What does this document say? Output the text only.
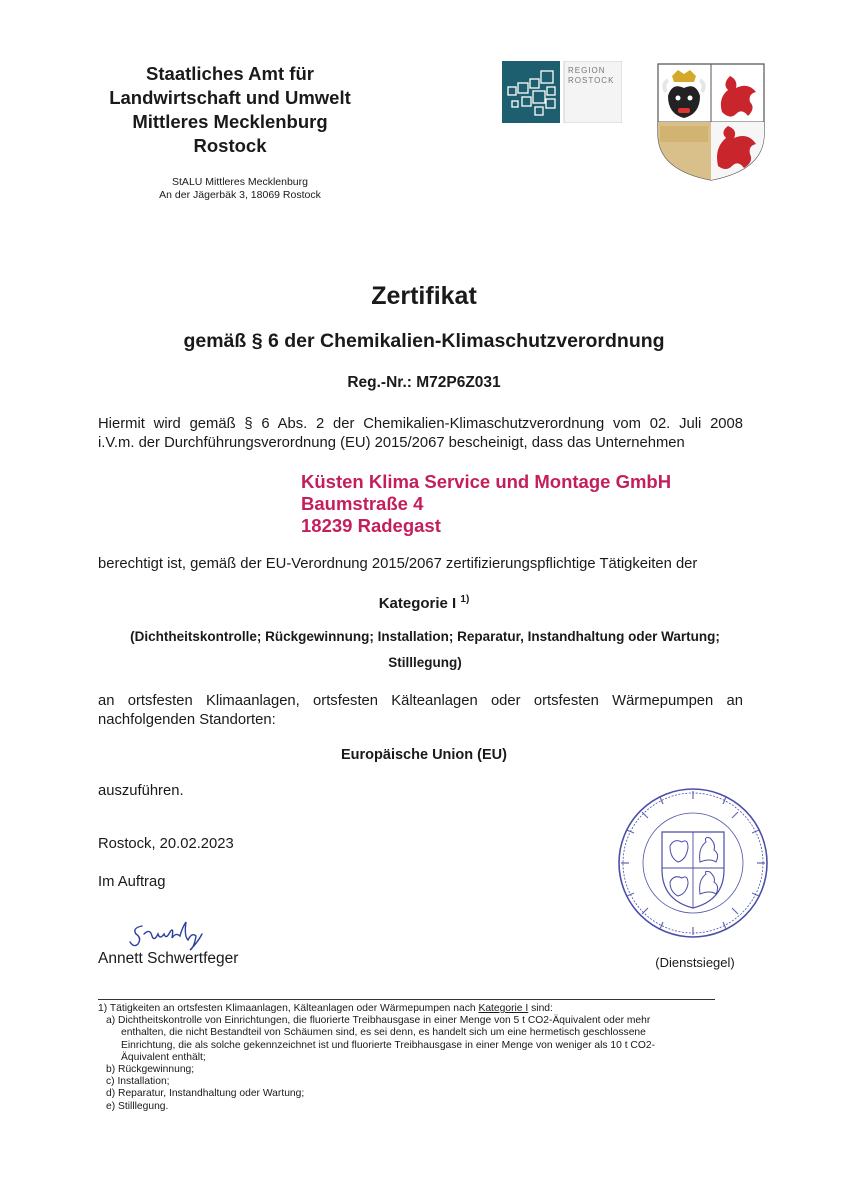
Staatliches Amt für
Landwirtschaft und Umwelt
Mittleres Mecklenburg
Rostock
StALU Mittleres Mecklenburg
An der Jägerbäk 3, 18069 Rostock
REGION
ROSTOCK
Zertifikat
gemäß § 6 der Chemikalien-Klimaschutzverordnung
Reg.-Nr.: M72P6Z031
Hiermit wird gemäß § 6 Abs. 2 der Chemikalien-Klimaschutzverordnung vom 02. Juli 2008
i.V.m. der Durchführungsverordnung (EU) 2015/2067 bescheinigt, dass das Unternehmen
Küsten Klima Service und Montage GmbH
Baumstraße 4
18239 Radegast
berechtigt ist, gemäß der EU-Verordnung 2015/2067 zertifizierungspflichtige Tätigkeiten der
Kategorie I $^{1)}$
(Dichtheitskontrolle; Rückgewinnung; Installation; Reparatur, Instandhaltung oder Wartung;
Stilllegung)
an ortsfesten Klimaanlagen, ortsfesten Kälteanlagen oder ortsfesten Wärmepumpen an
nachfolgenden Standorten:
Europäische Union (EU)
auszuführen.
Rostock, 20.02.2023
Im Auftrag
Annett Schwertfeger	(Dienstsiegel)
1) Tätigkeiten an ortsfesten Klimaanlagen, Kälteanlagen oder Wärmepumpen nach Kategorie I sind:
a) Dichtheitskontrolle von Einrichtungen, die fluorierte Treibhausgase in einer Menge von 5 t CO2-Äquivalent oder mehr
enthalten, die nicht Bestandteil von Schäumen sind, es sei denn, es handelt sich um eine hermetisch geschlossene
Einrichtung, die als solche gekennzeichnet ist und fluorierte Treibhausgase in einer Menge von weniger als 10 t CO2-
Äquivalent enthält;
b) Rückgewinnung;
c) Installation;
d) Reparatur, Instandhaltung oder Wartung;
e) Stilllegung.
